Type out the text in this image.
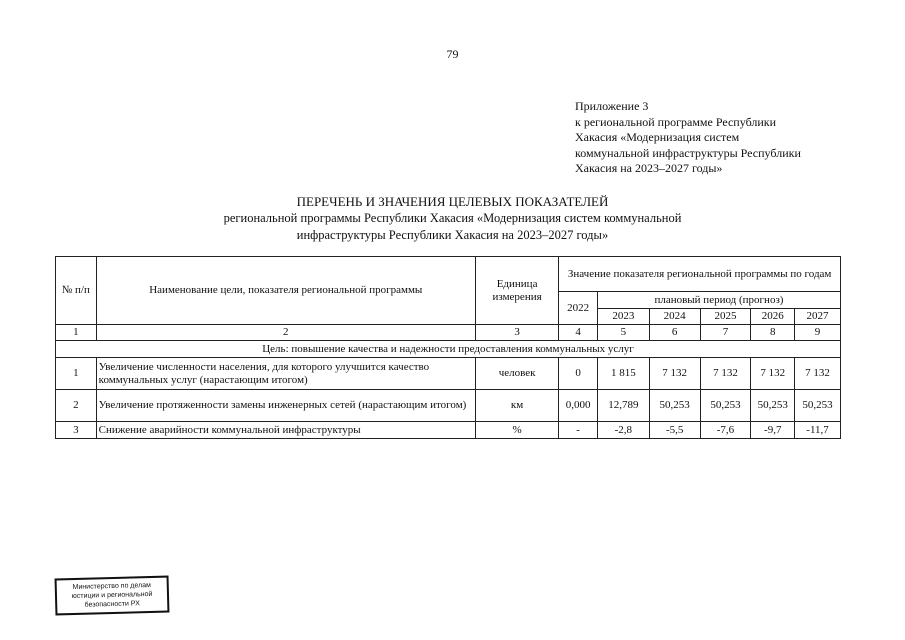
79
Приложение 3
к региональной программе Республики
Хакасия «Модернизация систем
коммунальной инфраструктуры Республики
Хакасия на 2023–2027 годы»
ПЕРЕЧЕНЬ И ЗНАЧЕНИЯ ЦЕЛЕВЫХ ПОКАЗАТЕЛЕЙ
региональной программы Республики Хакасия «Модернизация систем коммунальной
инфраструктуры Республики Хакасия на 2023–2027 годы»
№ п/п	Наименование цели, показателя региональной программы	Единица измерения	Значение показателя региональной программы по годам					
			2022	плановый период (прогноз)				
				2023	2024	2025	2026	2027
1	2	3	4	5	6	7	8	9
Цель: повышение качества и надежности предоставления коммунальных услуг								
1	Увеличение численности населения, для которого улучшится качество коммунальных услуг (нарастающим итогом)	человек	0	1 815	7 132	7 132	7 132	7 132
2	Увеличение протяженности замены инженерных сетей (нарастающим итогом)	км	0,000	12,789	50,253	50,253	50,253	50,253
3	Снижение аварийности коммунальной инфраструктуры	%	-	-2,8	-5,5	-7,6	-9,7	-11,7
Министерство по делам
юстиции и региональной
безопасности РХ
